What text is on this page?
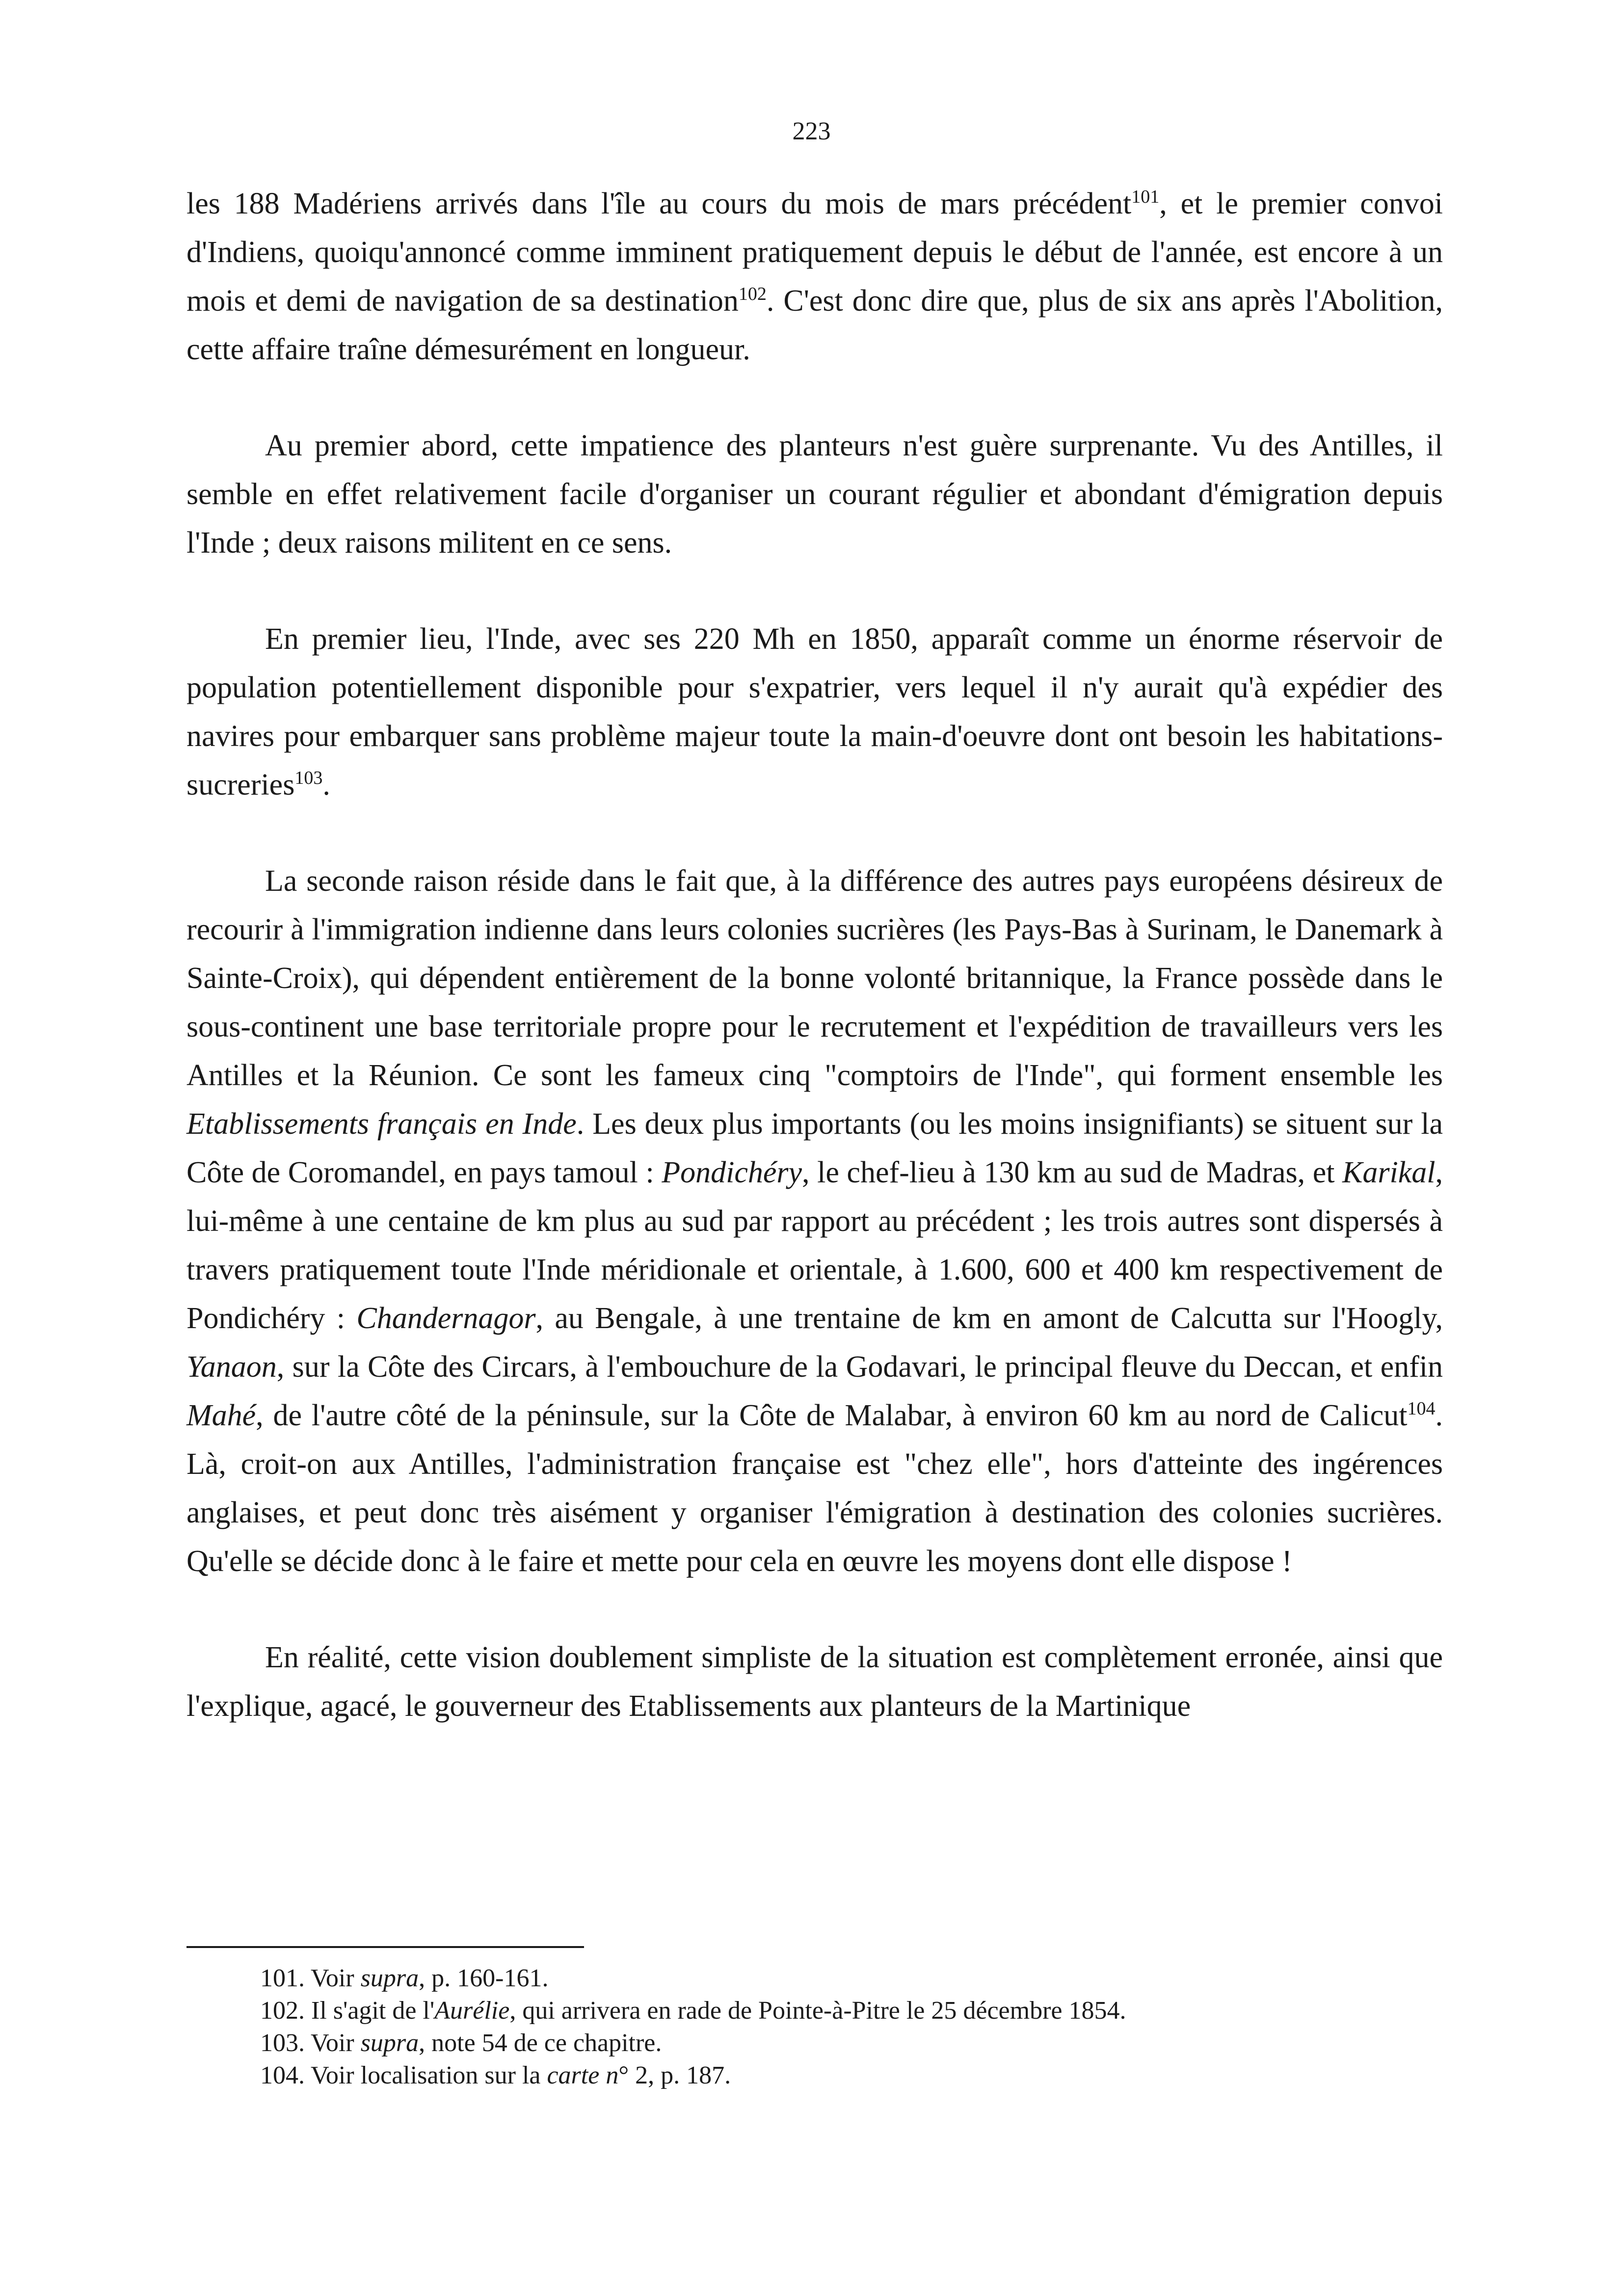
223

les 188 Madériens arrivés dans l'île au cours du mois de mars précédent$^{101}$, et le premier convoi d'Indiens, quoiqu'annoncé comme imminent pratiquement depuis le début de l'année, est encore à un mois et demi de navigation de sa destination$^{102}$. C'est donc dire que, plus de six ans après l'Abolition, cette affaire traîne démesurément en longueur.

Au premier abord, cette impatience des planteurs n'est guère surprenante. Vu des Antilles, il semble en effet relativement facile d'organiser un courant régulier et abondant d'émigration depuis l'Inde ; deux raisons militent en ce sens.

En premier lieu, l'Inde, avec ses 220 Mh en 1850, apparaît comme un énorme réservoir de population potentiellement disponible pour s'expatrier, vers lequel il n'y aurait qu'à expédier des navires pour embarquer sans problème majeur toute la main-d'oeuvre dont ont besoin les habitations-sucreries$^{103}$.

La seconde raison réside dans le fait que, à la différence des autres pays européens désireux de recourir à l'immigration indienne dans leurs colonies sucrières (les Pays-Bas à Surinam, le Danemark à Sainte-Croix), qui dépendent entièrement de la bonne volonté britannique, la France possède dans le sous-continent une base territoriale propre pour le recrutement et l'expédition de travailleurs vers les Antilles et la Réunion. Ce sont les fameux cinq "comptoirs de l'Inde", qui forment ensemble les Etablissements français en Inde. Les deux plus importants (ou les moins insignifiants) se situent sur la Côte de Coromandel, en pays tamoul : Pondichéry, le chef-lieu à 130 km au sud de Madras, et Karikal, lui-même à une centaine de km plus au sud par rapport au précédent ; les trois autres sont dispersés à travers pratiquement toute l'Inde méridionale et orientale, à 1.600, 600 et 400 km respectivement de Pondichéry : Chandernagor, au Bengale, à une trentaine de km en amont de Calcutta sur l'Hoogly, Yanaon, sur la Côte des Circars, à l'embouchure de la Godavari, le principal fleuve du Deccan, et enfin Mahé, de l'autre côté de la péninsule, sur la Côte de Malabar, à environ 60 km au nord de Calicut$^{104}$. Là, croit-on aux Antilles, l'administration française est "chez elle", hors d'atteinte des ingérences anglaises, et peut donc très aisément y organiser l'émigration à destination des colonies sucrières. Qu'elle se décide donc à le faire et mette pour cela en œuvre les moyens dont elle dispose !

En réalité, cette vision doublement simpliste de la situation est complètement erronée, ainsi que l'explique, agacé, le gouverneur des Etablissements aux planteurs de la Martinique

101. Voir supra, p. 160-161.
102. Il s'agit de l'Aurélie, qui arrivera en rade de Pointe-à-Pitre le 25 décembre 1854.
103. Voir supra, note 54 de ce chapitre.
104. Voir localisation sur la carte n° 2, p. 187.
